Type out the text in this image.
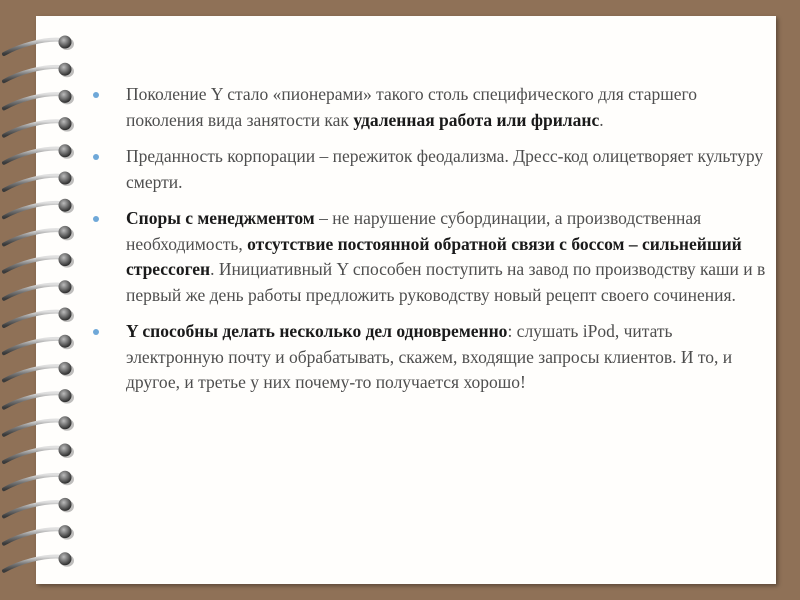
Поколение Y стало «пионерами» такого столь специфического для старшего поколения вида занятости как удаленная работа или фриланс.
Преданность корпорации – пережиток феодализма. Дресс-код олицетворяет культуру смерти.
Споры с менеджментом – не нарушение субординации, а производственная необходимость, отсутствие постоянной обратной связи с боссом – сильнейший стрессоген. Инициативный Y способен поступить на завод по производству каши и в первый же день работы предложить руководству новый рецепт своего сочинения.
Y способны делать несколько дел одновременно: слушать iPod, читать электронную почту и обрабатывать, скажем, входящие запросы клиентов. И то, и другое, и третье у них почему-то получается хорошо!
